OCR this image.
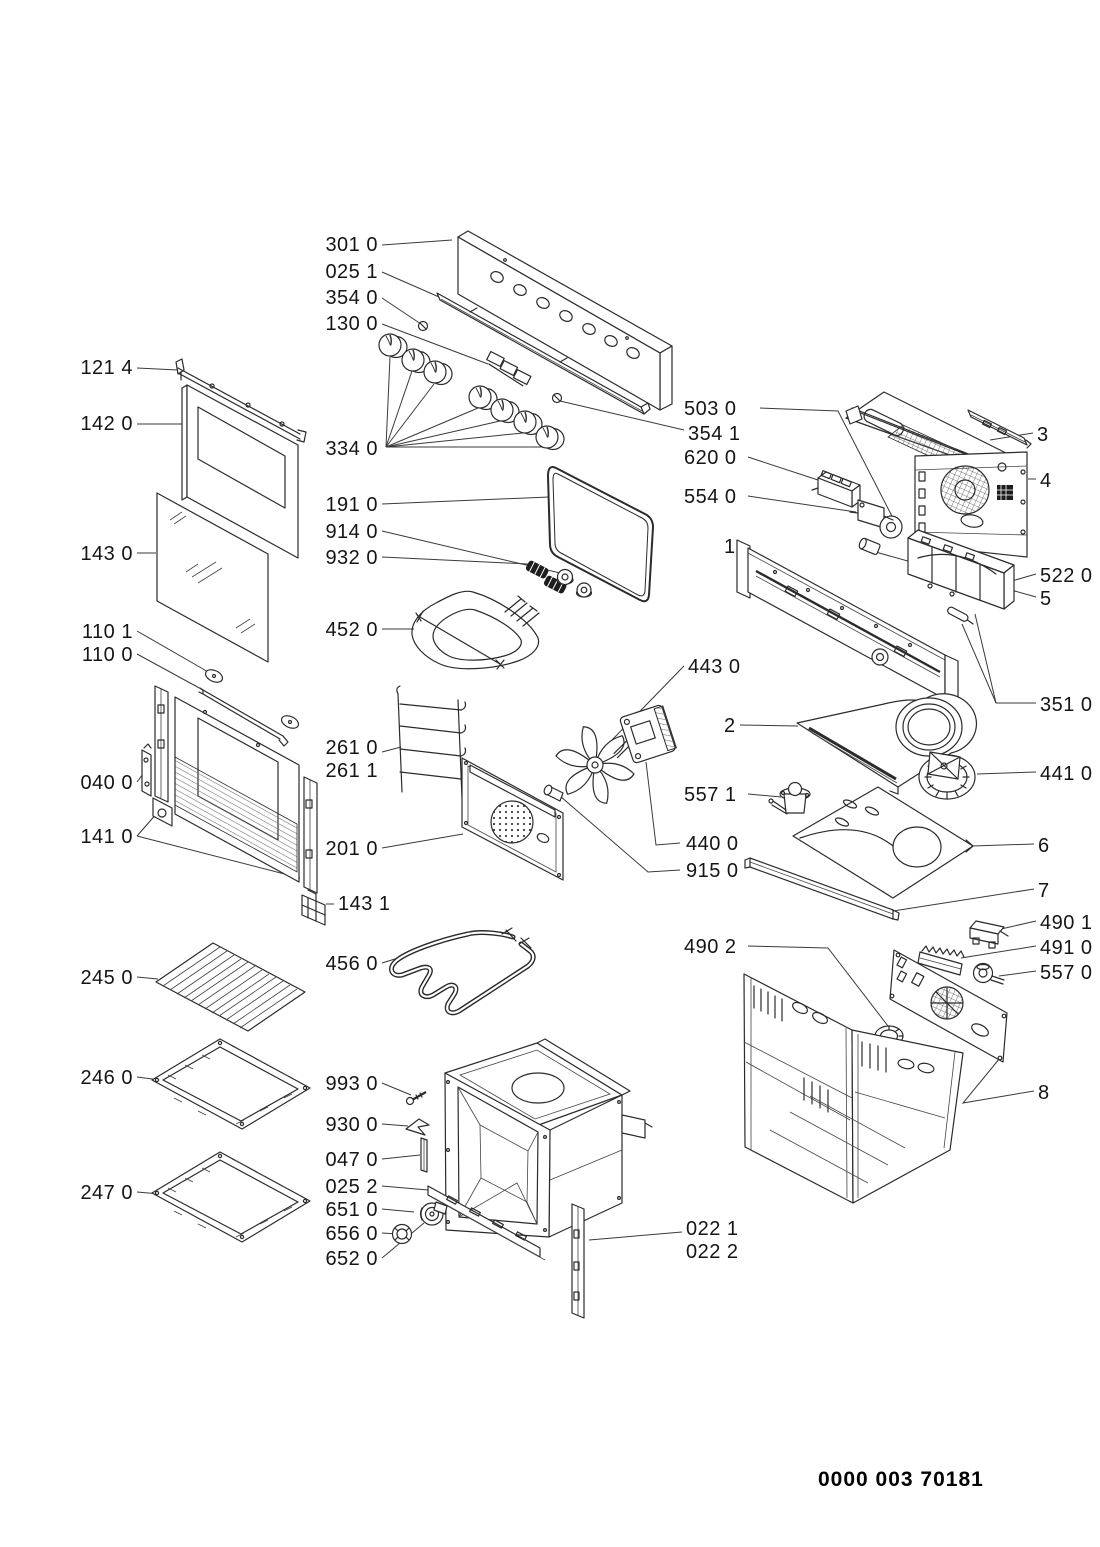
301 0
025 1
354 0
130 0
121 4
142 0
334 0
191 0
914 0
932 0
143 0
110 1
110 0
452 0
261 0
261 1
040 0
141 0
201 0
143 1
245 0
456 0
246 0	993 0
930 0
047 0
025 2
651 0
247 0
656 0
652 0
503 0
354 1
620 0
554 0
1
443 0
2
557 1
440 0
915 0
490 2
022 1
022 2
3
4
522 0
5
351 0
441 0
6
7
490 1
491 0
557 0
8
0000 003 70181
